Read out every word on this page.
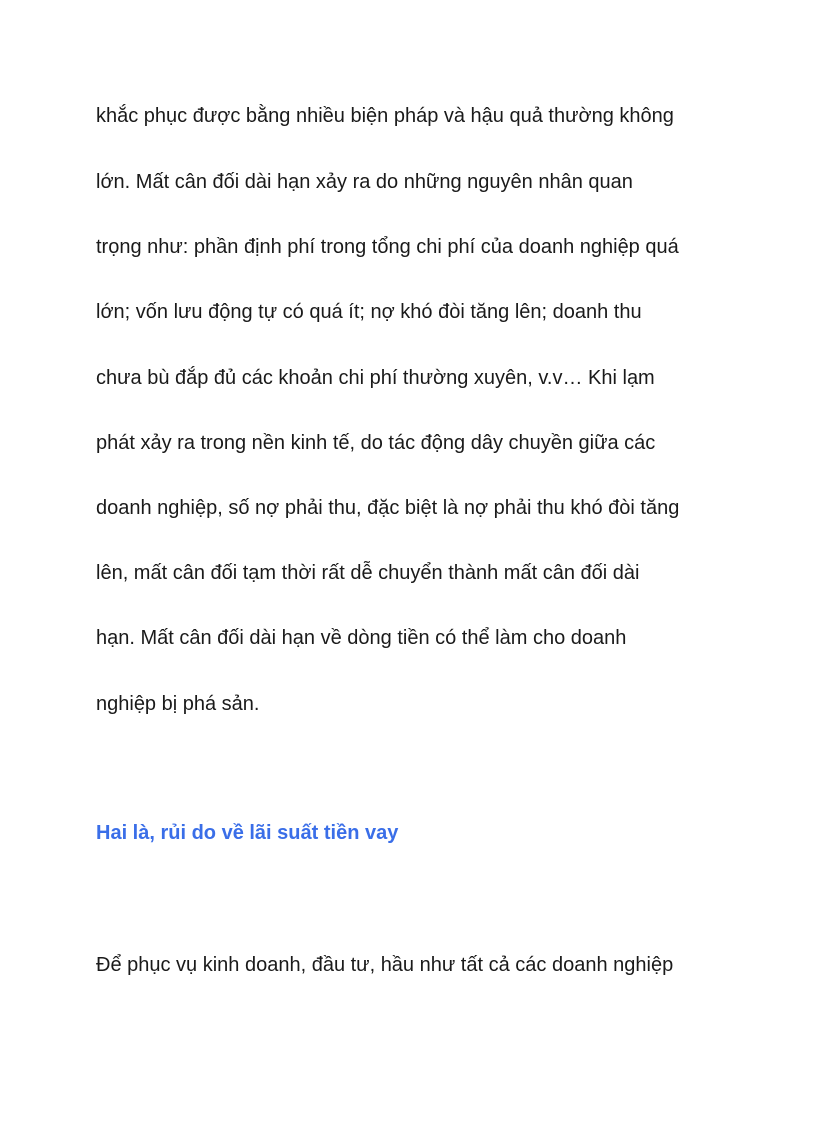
khắc phục được bằng nhiều biện pháp và hậu quả thường không
lớn. Mất cân đối dài hạn xảy ra do những nguyên nhân quan
trọng như: phần định phí trong tổng chi phí của doanh nghiệp quá
lớn; vốn lưu động tự có quá ít; nợ khó đòi tăng lên; doanh thu
chưa bù đắp đủ các khoản chi phí thường xuyên, v.v… Khi lạm
phát xảy ra trong nền kinh tế, do tác động dây chuyền giữa các
doanh nghiệp, số nợ phải thu, đặc biệt là nợ phải thu khó đòi tăng
lên, mất cân đối tạm thời rất dễ chuyển thành mất cân đối dài
hạn. Mất cân đối dài hạn về dòng tiền có thể làm cho doanh
nghiệp bị phá sản.
Hai là, rủi do về lãi suất tiền vay
Để phục vụ kinh doanh, đầu tư, hầu như tất cả các doanh nghiệp
